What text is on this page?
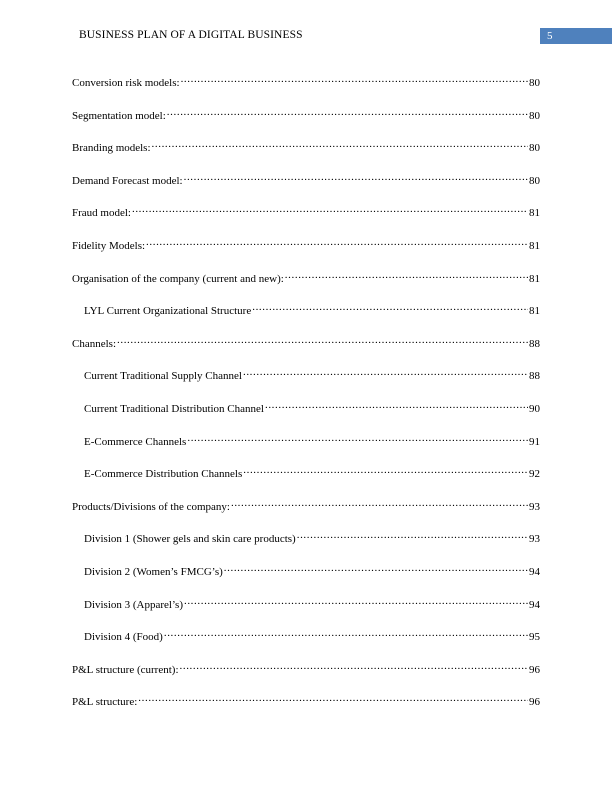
BUSINESS PLAN OF A DIGITAL BUSINESS	5
Conversion risk models: .....	80
Segmentation model: .....	80
Branding models: .....	80
Demand Forecast model: .....	80
Fraud model: .....	81
Fidelity Models: .....	81
Organisation of the company (current and new): .....	81
LYL Current Organizational Structure .....	81
Channels: .....	88
Current Traditional Supply Channel .....	88
Current Traditional Distribution Channel .....	90
E-Commerce Channels .....	91
E-Commerce Distribution Channels .....	92
Products/Divisions of the company: .....	93
Division 1 (Shower gels and skin care products) .....	93
Division 2 (Women’s FMCG’s) .....	94
Division 3 (Apparel’s) .....	94
Division 4 (Food) .....	95
P&L structure (current): .....	96
P&L structure: .....	96
